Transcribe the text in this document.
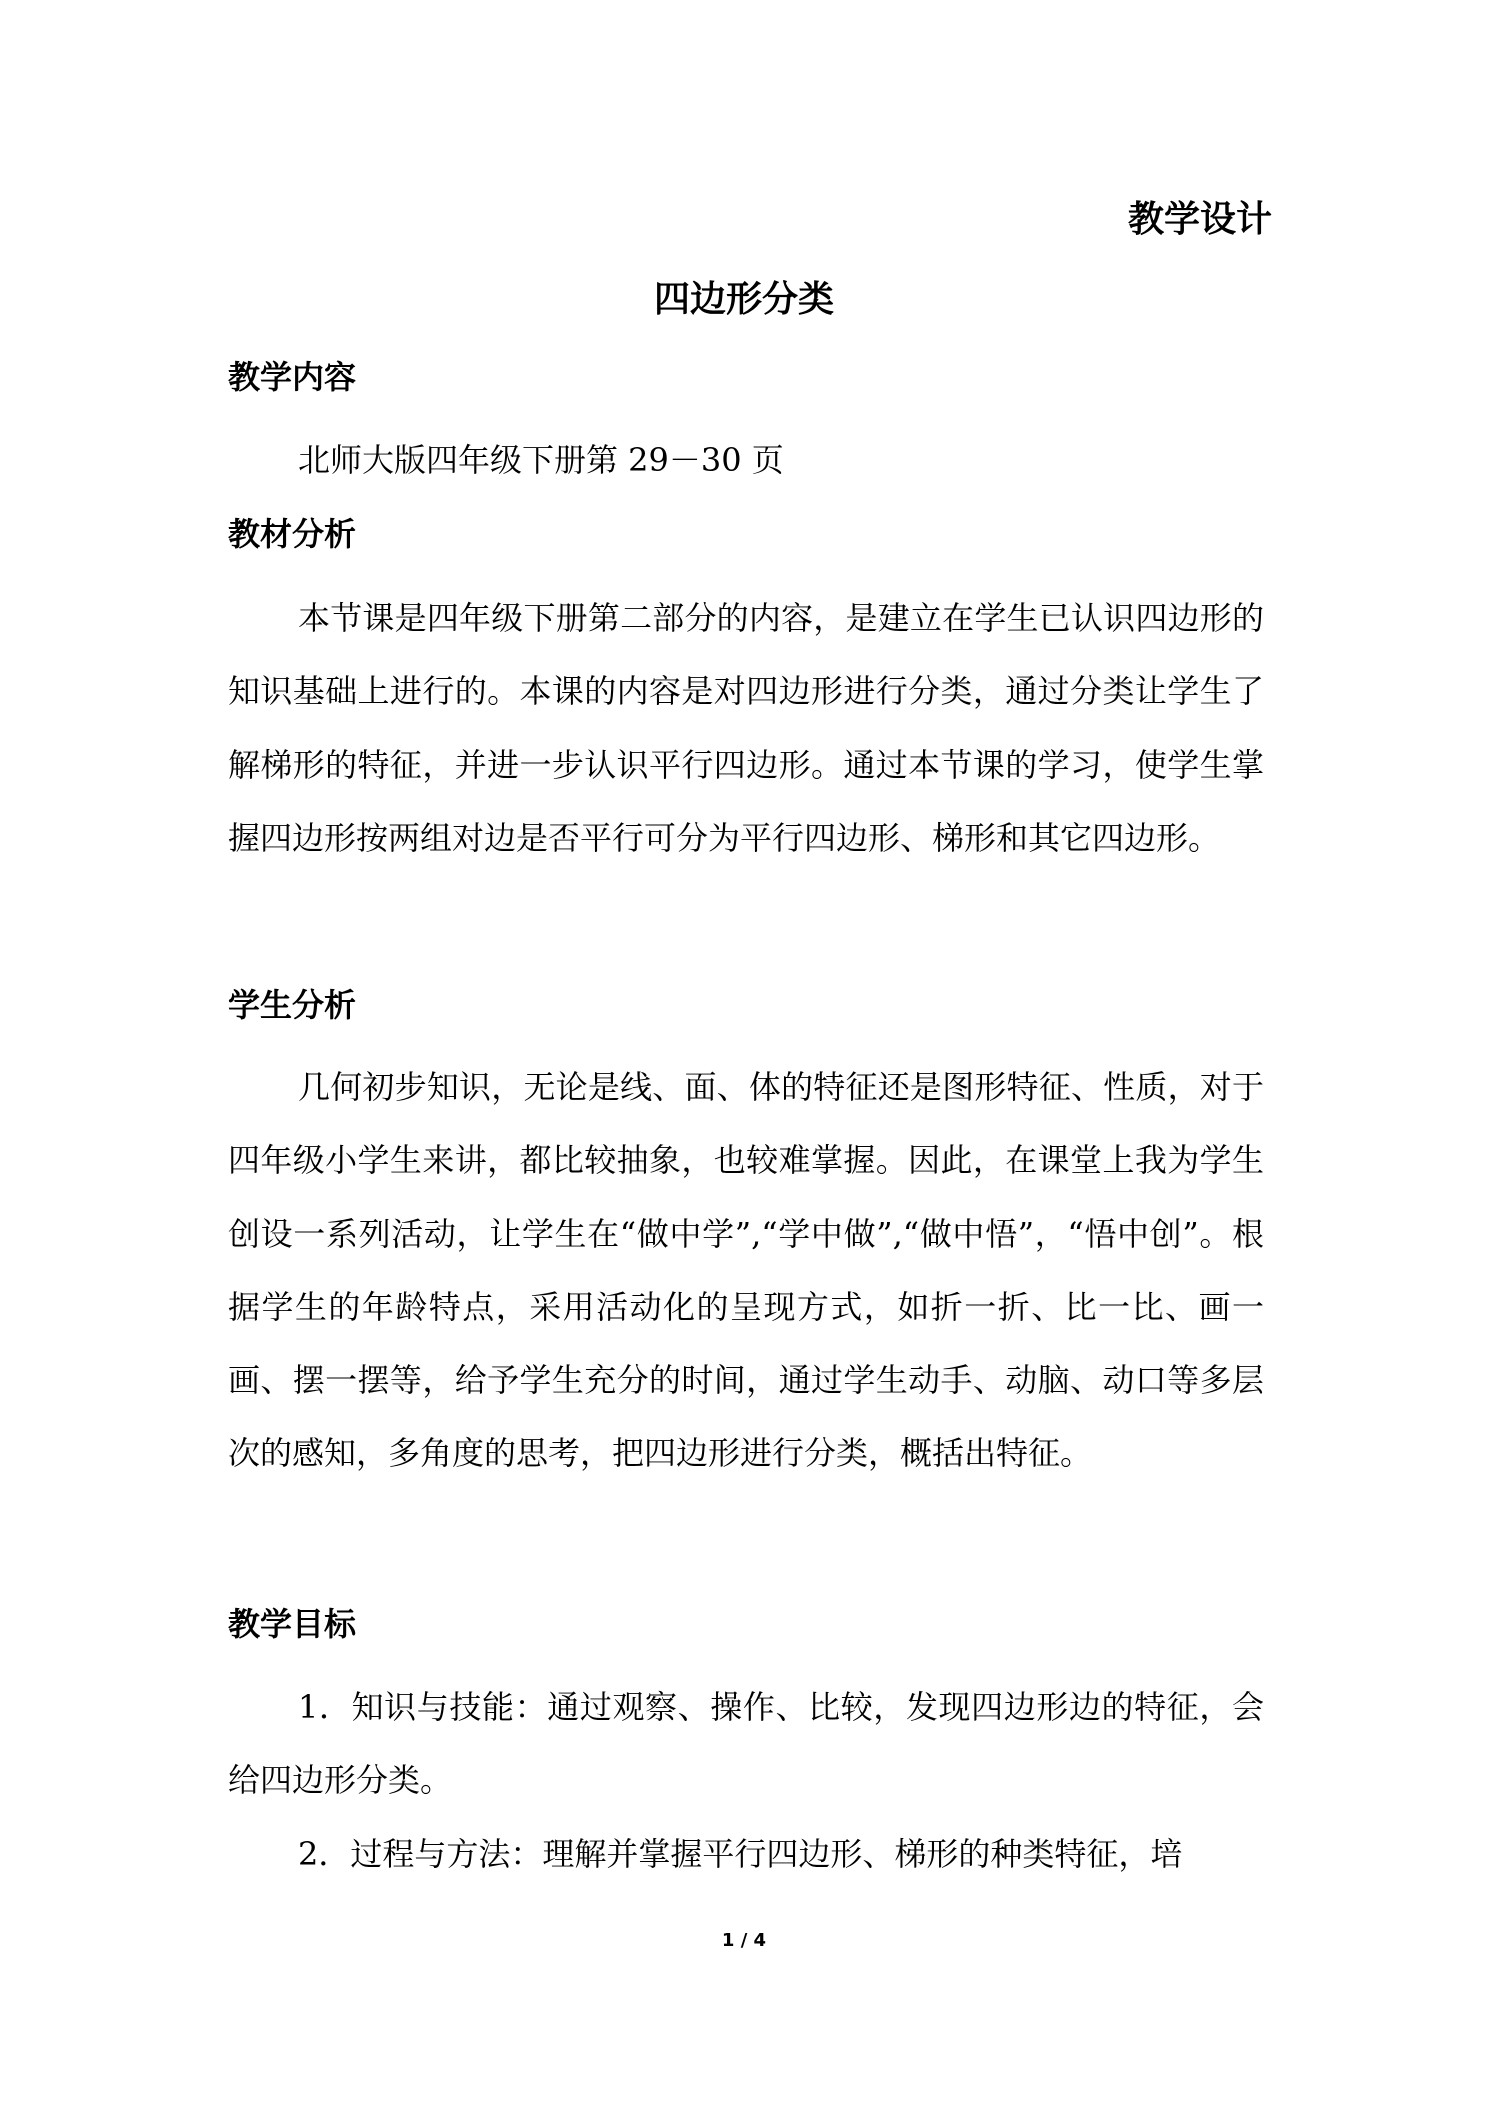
教学设计
四边形分类
教学内容
北师大版四年级下册第 29－30 页
教材分析
本节课是四年级下册第二部分的内容，是建立在学生已认识四边形的知识基础上进行的。本课的内容是对四边形进行分类，通过分类让学生了解梯形的特征，并进一步认识平行四边形。通过本节课的学习，使学生掌握四边形按两组对边是否平行可分为平行四边形、梯形和其它四边形。
学生分析
几何初步知识，无论是线、面、体的特征还是图形特征、性质，对于四年级小学生来讲，都比较抽象，也较难掌握。因此，在课堂上我为学生创设一系列活动，让学生在“做中学”,“学中做”,“做中悟”，“悟中创”。根据学生的年龄特点，采用活动化的呈现方式，如折一折、比一比、画一画、摆一摆等，给予学生充分的时间，通过学生动手、动脑、动口等多层次的感知，多角度的思考，把四边形进行分类，概括出特征。
教学目标
1．知识与技能：通过观察、操作、比较，发现四边形边的特征，会给四边形分类。
2．过程与方法：理解并掌握平行四边形、梯形的种类特征，培
1 / 4
